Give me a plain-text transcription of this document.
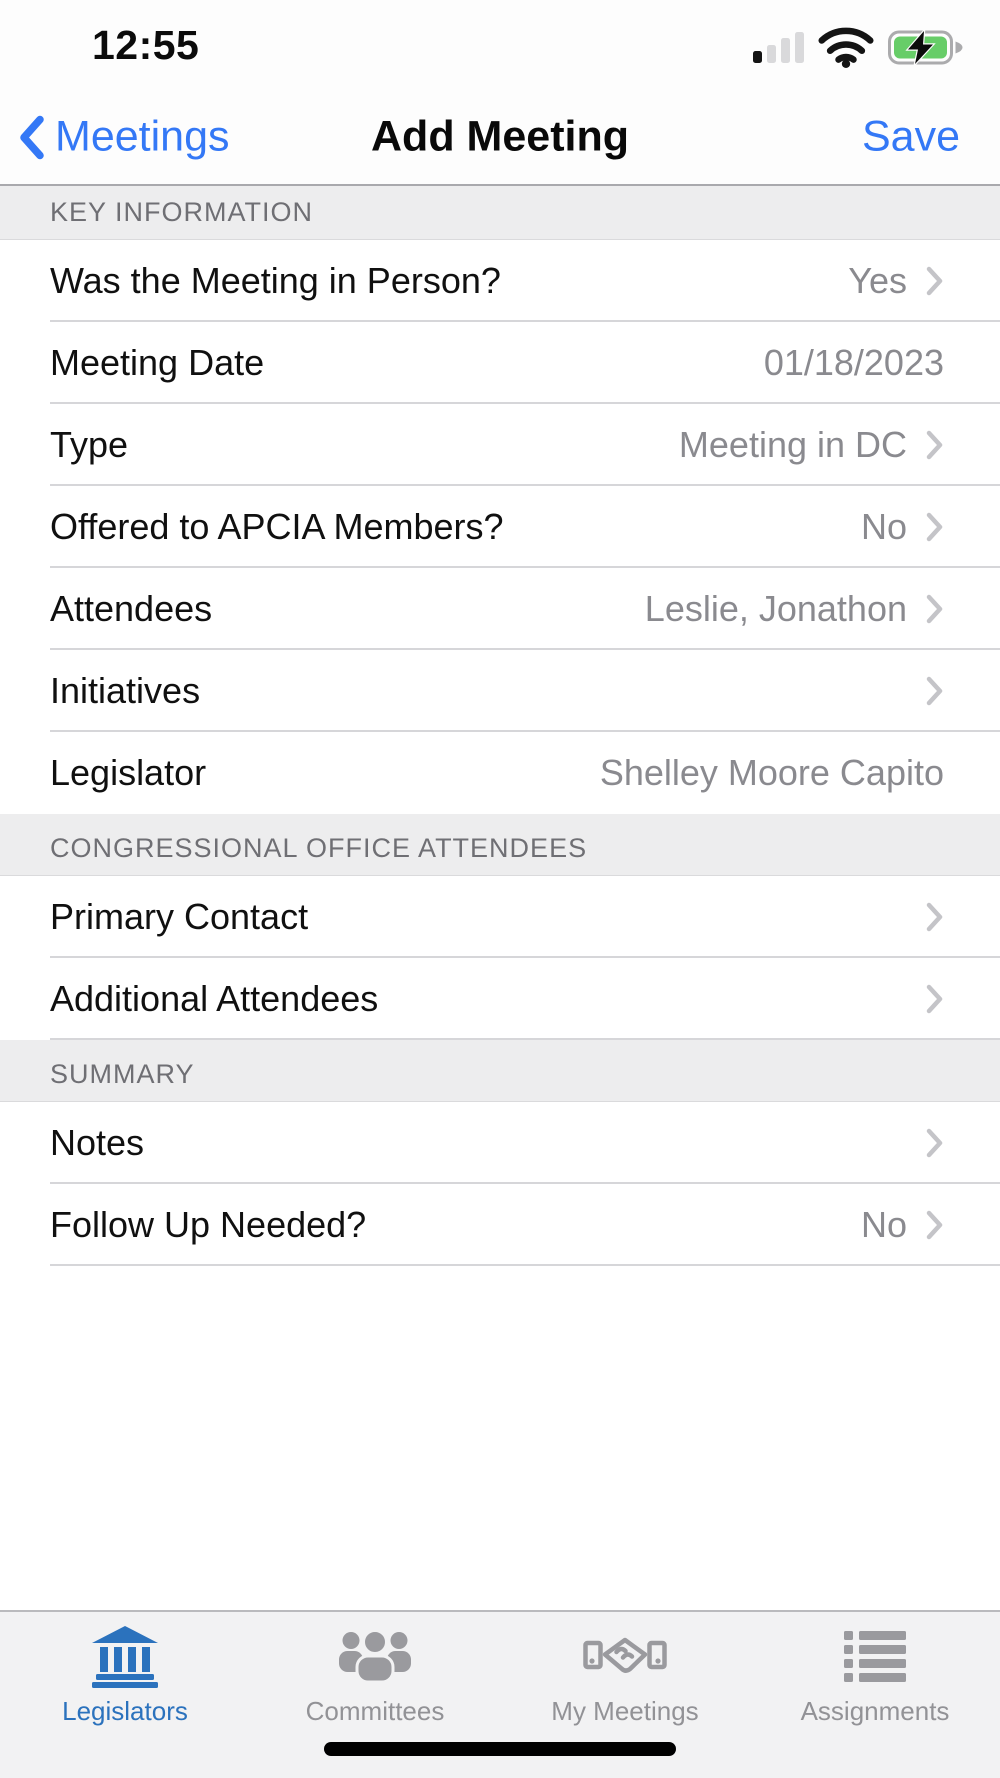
12:55
Meetings	Add Meeting	Save
KEY INFORMATION
Was the Meeting in Person?	Yes
Meeting Date	01/18/2023
Type	Meeting in DC
Offered to APCIA Members?	No
Attendees	Leslie, Jonathon
Initiatives
Legislator	Shelley Moore Capito
CONGRESSIONAL OFFICE ATTENDEES
Primary Contact
Additional Attendees
SUMMARY
Notes
Follow Up Needed?	No
Legislators	Committees	My Meetings	Assignments
